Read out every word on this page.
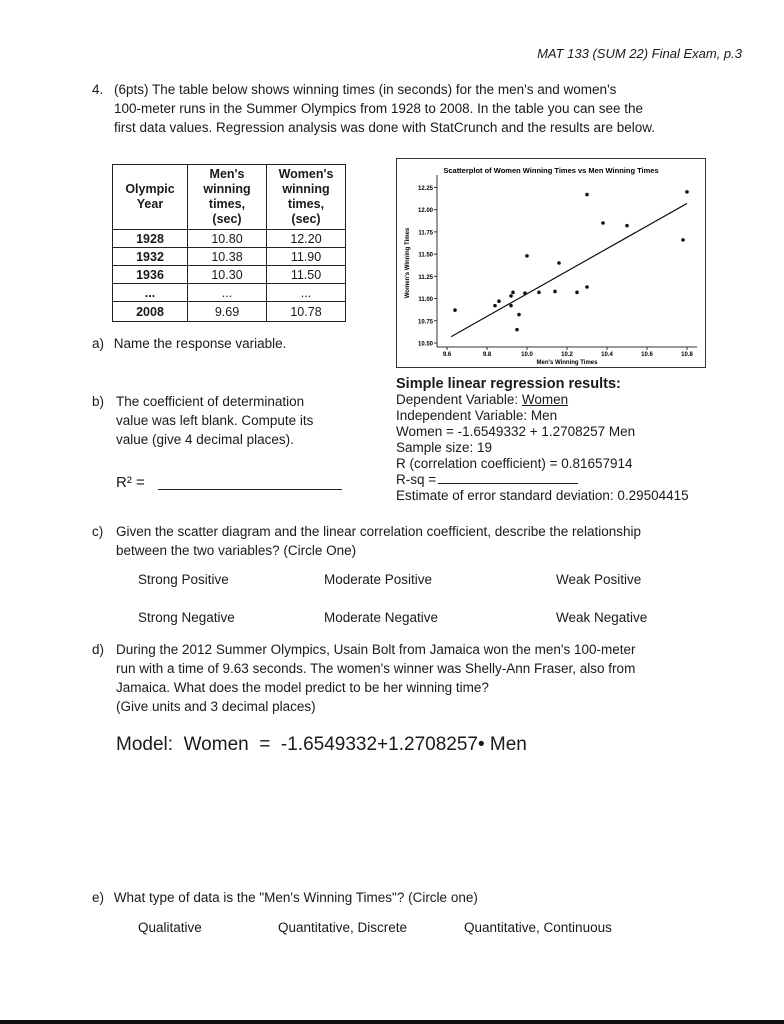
MAT 133 (SUM 22) Final Exam, p.3
4. (6pts) The table below shows winning times (in seconds) for the men's and women's
100-meter runs in the Summer Olympics from 1928 to 2008. In the table you can see the
first data values. Regression analysis was done with StatCrunch and the results are below.
Olympic Year	Men's winning times, (sec)	Women's winning times, (sec)
1928	10.80	12.20
1932	10.38	11.90
1936	10.30	11.50
...	...	...
2008	9.69	10.78
Scatterplot of Women Winning Times vs Men Winning Times
10.50
10.75
11.00
11.25
11.50
11.75
12.00
12.25
9.6	9.8	10.0	10.2	10.4	10.6	10.8
Men's Winning Times
Women's Winning Times
a) Name the response variable.
b) The coefficient of determination
value was left blank. Compute its
value (give 4 decimal places).
R² =
Simple linear regression results:
Dependent Variable: Women
Independent Variable: Men
Women = -1.6549332 + 1.2708257 Men
Sample size: 19
R (correlation coefficient) = 0.81657914
R-sq =
Estimate of error standard deviation: 0.29504415
c) Given the scatter diagram and the linear correlation coefficient, describe the relationship
between the two variables? (Circle One)
Strong Positive	Moderate Positive	Weak Positive
Strong Negative	Moderate Negative	Weak Negative
d) During the 2012 Summer Olympics, Usain Bolt from Jamaica won the men's 100-meter
run with a time of 9.63 seconds. The women's winner was Shelly-Ann Fraser, also from
Jamaica. What does the model predict to be her winning time?
(Give units and 3 decimal places)
Model:  Women  =  -1.6549332+1.2708257• Men
e) What type of data is the "Men's Winning Times"? (Circle one)
Qualitative	Quantitative, Discrete	Quantitative, Continuous
